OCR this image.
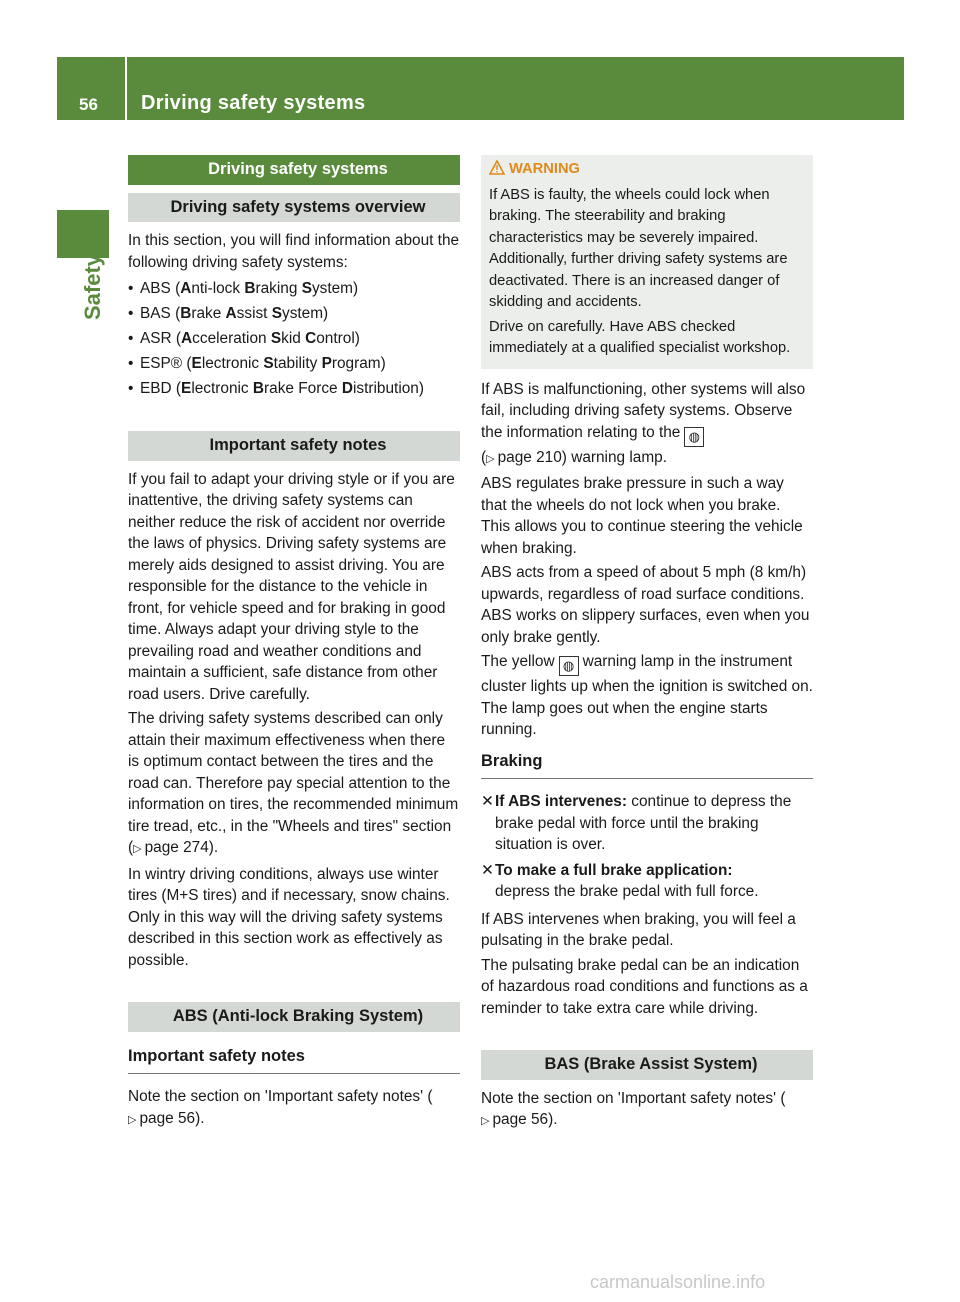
56 Driving safety systems
Safety
Driving safety systems
Driving safety systems overview

In this section, you will find information about the following driving safety systems:

• ABS (Anti-lock Braking System)
• BAS (Brake Assist System)
• ASR (Acceleration Skid Control)
• ESP® (Electronic Stability Program)
• EBD (Electronic Brake Force Distribution)
Important safety notes

If you fail to adapt your driving style or if you are inattentive, the driving safety systems can neither reduce the risk of accident nor override the laws of physics. Driving safety systems are merely aids designed to assist driving. You are responsible for the distance to the vehicle in front, for vehicle speed and for braking in good time. Always adapt your driving style to the prevailing road and weather conditions and maintain a sufficient, safe distance from other road users. Drive carefully.

The driving safety systems described can only attain their maximum effectiveness when there is optimum contact between the tires and the road can. Therefore pay special attention to the information on tires, the recommended minimum tire tread, etc., in the "Wheels and tires" section (▷ page 274).

In wintry driving conditions, always use winter tires (M+S tires) and if necessary, snow chains. Only in this way will the driving safety systems described in this section work as effectively as possible.

ABS (Anti-lock Braking System)
Important safety notes

Note the section on 'Important safety notes' (
▷ page 56).

WARNING

If ABS is faulty, the wheels could lock when braking. The steerability and braking characteristics may be severely impaired. Additionally, further driving safety systems are deactivated. There is an increased danger of skidding and accidents.

Drive on carefully. Have ABS checked immediately at a qualified specialist workshop.

If ABS is malfunctioning, other systems will also fail, including driving safety systems. Observe the information relating to the ◍
(▷ page 210) warning lamp.

ABS regulates brake pressure in such a way that the wheels do not lock when you brake. This allows you to continue steering the vehicle when braking.

ABS acts from a speed of about 5 mph (8 km/h) upwards, regardless of road surface conditions. ABS works on slippery surfaces, even when you only brake gently.

The yellow ◍ warning lamp in the instrument cluster lights up when the ignition is switched on. The lamp goes out when the engine starts running.

Braking
✕ If ABS intervenes: continue to depress the brake pedal with force until the braking situation is over.
✕ To make a full brake application:
depress the brake pedal with full force.

If ABS intervenes when braking, you will feel a pulsating in the brake pedal.

The pulsating brake pedal can be an indication of hazardous road conditions and functions as a reminder to take extra care while driving.

BAS (Brake Assist System)

Note the section on 'Important safety notes' (
▷ page 56).

carmanualsonline.info
